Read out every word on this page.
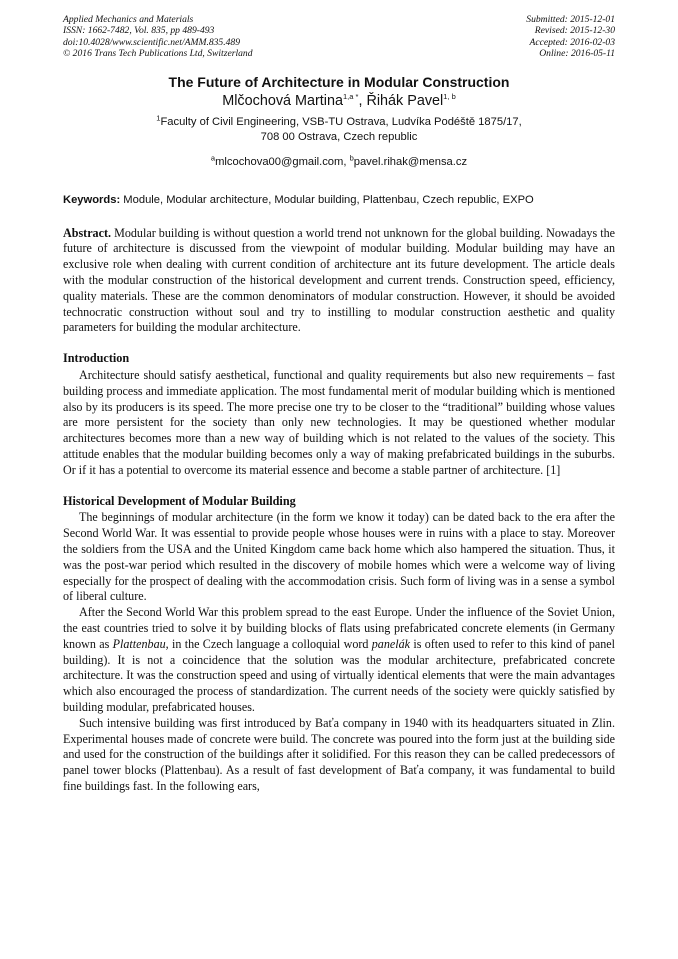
Applied Mechanics and Materials
ISSN: 1662-7482, Vol. 835, pp 489-493
doi:10.4028/www.scientific.net/AMM.835.489
© 2016 Trans Tech Publications Ltd, Switzerland
Submitted: 2015-12-01
Revised: 2015-12-30
Accepted: 2016-02-03
Online: 2016-05-11
The Future of Architecture in Modular Construction
Mlčochová Martina$^{1,a *}$, Řihák Pavel$^{1, b}$
$^1$Faculty of Civil Engineering, VSB-TU Ostrava, Ludvíka Podéště 1875/17,
708 00 Ostrava, Czech republic
$^a$mlcochova00@gmail.com, $^b$pavel.rihak@mensa.cz
Keywords: Module, Modular architecture, Modular building, Plattenbau, Czech republic, EXPO

Abstract. Modular building is without question a world trend not unknown for the global building. Nowadays the future of architecture is discussed from the viewpoint of modular building. Modular building may have an exclusive role when dealing with current condition of architecture ant its future development. The article deals with the modular construction of the historical development and current trends. Construction speed, efficiency, quality materials. These are the common denominators of modular construction. However, it should be avoided technocratic construction without soul and try to instilling to modular construction aesthetic and quality parameters for building the modular architecture.

Introduction

Architecture should satisfy aesthetical, functional and quality requirements but also new requirements – fast building process and immediate application. The most fundamental merit of modular building which is mentioned also by its producers is its speed. The more precise one try to be closer to the “traditional” building whose values are more persistent for the society than only new technologies. It may be questioned whether modular architectures becomes more than a new way of building which is not related to the values of the society. This attitude enables that the modular building becomes only a way of making prefabricated buildings in the suburbs. Or if it has a potential to overcome its material essence and become a stable partner of architecture. [1]

Historical Development of Modular Building

The beginnings of modular architecture (in the form we know it today) can be dated back to the era after the Second World War. It was essential to provide people whose houses were in ruins with a place to stay. Moreover the soldiers from the USA and the United Kingdom came back home which also hampered the situation. Thus, it was the post-war period which resulted in the discovery of mobile homes which were a welcome way of living especially for the prospect of dealing with the accommodation crisis. Such form of living was in a sense a symbol of liberal culture.

After the Second World War this problem spread to the east Europe. Under the influence of the Soviet Union, the east countries tried to solve it by building blocks of flats using prefabricated concrete elements (in Germany known as Plattenbau, in the Czech language a colloquial word panelák is often used to refer to this kind of panel building). It is not a coincidence that the solution was the modular architecture, prefabricated concrete architecture. It was the construction speed and using of virtually identical elements that were the main advantages which also encouraged the process of standardization. The current needs of the society were quickly satisfied by building modular, prefabricated houses.

Such intensive building was first introduced by Baťa company in 1940 with its headquarters situated in Zlin. Experimental houses made of concrete were build. The concrete was poured into the form just at the building side and used for the construction of the buildings after it solidified. For this reason they can be called predecessors of panel tower blocks (Plattenbau). As a result of fast development of Baťa company, it was fundamental to build fine buildings fast. In the following ears,
